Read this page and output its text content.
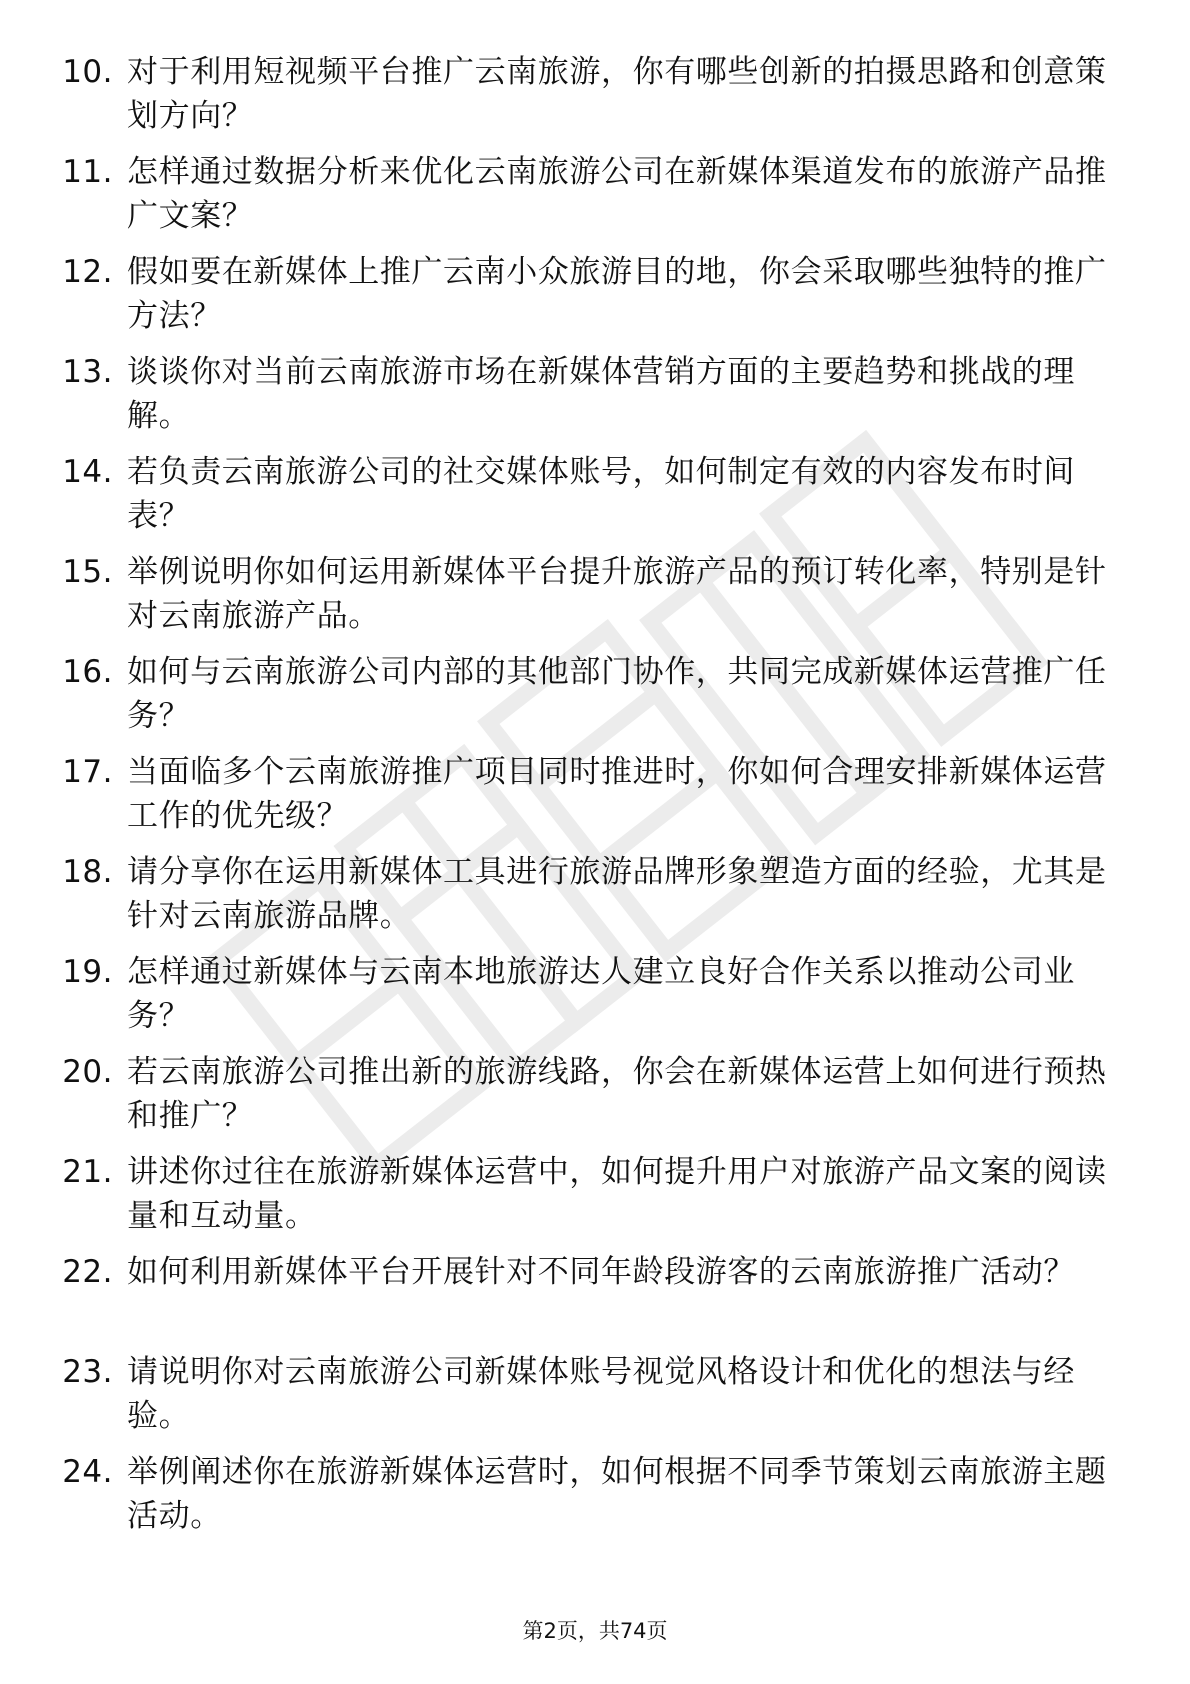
10. 对于利用短视频平台推广云南旅游，你有哪些创新的拍摄思路和创意策划方向？
11. 怎样通过数据分析来优化云南旅游公司在新媒体渠道发布的旅游产品推广文案？
12. 假如要在新媒体上推广云南小众旅游目的地，你会采取哪些独特的推广方法？
13. 谈谈你对当前云南旅游市场在新媒体营销方面的主要趋势和挑战的理解。
14. 若负责云南旅游公司的社交媒体账号，如何制定有效的内容发布时间表？
15. 举例说明你如何运用新媒体平台提升旅游产品的预订转化率，特别是针对云南旅游产品。
16. 如何与云南旅游公司内部的其他部门协作，共同完成新媒体运营推广任务？
17. 当面临多个云南旅游推广项目同时推进时，你如何合理安排新媒体运营工作的优先级？
18. 请分享你在运用新媒体工具进行旅游品牌形象塑造方面的经验，尤其是针对云南旅游品牌。
19. 怎样通过新媒体与云南本地旅游达人建立良好合作关系以推动公司业务？
20. 若云南旅游公司推出新的旅游线路，你会在新媒体运营上如何进行预热和推广？
21. 讲述你过往在旅游新媒体运营中，如何提升用户对旅游产品文案的阅读量和互动量。
22. 如何利用新媒体平台开展针对不同年龄段游客的云南旅游推广活动？
23. 请说明你对云南旅游公司新媒体账号视觉风格设计和优化的想法与经验。
24. 举例阐述你在旅游新媒体运营时，如何根据不同季节策划云南旅游主题活动。
第2页，共74页
